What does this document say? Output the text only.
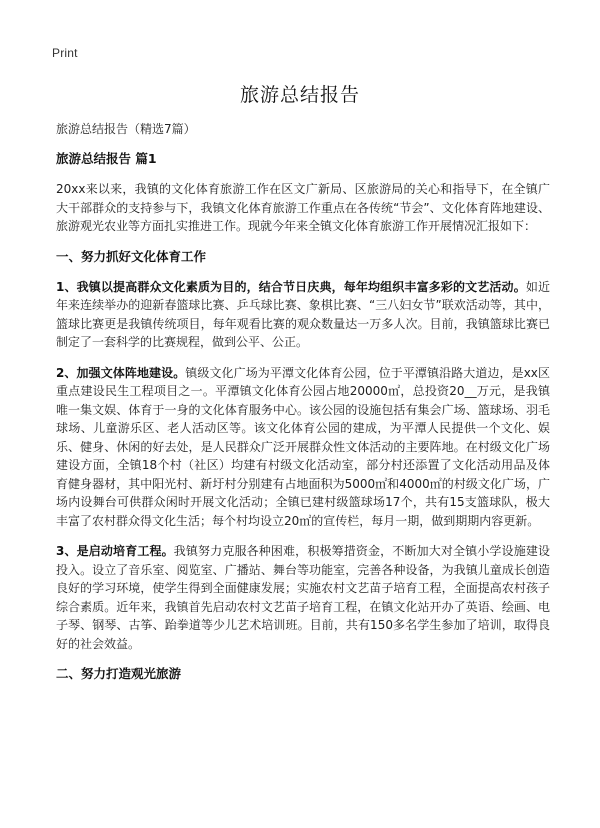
Print
旅游总结报告
旅游总结报告（精选7篇）
旅游总结报告 篇1
20xx来以来，我镇的文化体育旅游工作在区文广新局、区旅游局的关心和指导下，在全镇广大干部群众的支持参与下，我镇文化体育旅游工作重点在各传统“节会”、文化体育阵地建设、旅游观光农业等方面扎实推进工作。现就今年来全镇文化体育旅游工作开展情况汇报如下：
一、努力抓好文化体育工作
1、我镇以提高群众文化素质为目的，结合节日庆典，每年均组织丰富多彩的文艺活动。如近年来连续举办的迎新春篮球比赛、乒乓球比赛、象棋比赛、“三八妇女节”联欢活动等，其中，篮球比赛更是我镇传统项目，每年观看比赛的观众数量达一万多人次。目前，我镇篮球比赛已制定了一套科学的比赛规程，做到公平、公正。
2、加强文体阵地建设。镇级文化广场为平潭文化体育公园，位于平潭镇沿路大道边，是xx区重点建设民生工程项目之一。平潭镇文化体育公园占地20000㎡，总投资20__万元，是我镇唯一集文娱、体育于一身的文化体育服务中心。该公园的设施包括有集会广场、篮球场、羽毛球场、儿童游乐区、老人活动区等。该文化体育公园的建成，为平潭人民提供一个文化、娱乐、健身、休闲的好去处，是人民群众广泛开展群众性文体活动的主要阵地。在村级文化广场建设方面，全镇18个村（社区）均建有村级文化活动室，部分村还添置了文化活动用品及体育健身器材，其中阳光村、新圩村分别建有占地面积为5000㎡和4000㎡的村级文化广场，广场内设舞台可供群众闲时开展文化活动；全镇已建村级篮球场17个，共有15支篮球队，极大丰富了农村群众得文化生活；每个村均设立20㎡的宣传栏，每月一期，做到期期内容更新。
3、是启动培育工程。我镇努力克服各种困难，积极筹措资金，不断加大对全镇小学设施建设投入。设立了音乐室、阅览室、广播站、舞台等功能室，完善各种设备，为我镇儿童成长创造良好的学习环境，使学生得到全面健康发展；实施农村文艺苗子培育工程，全面提高农村孩子综合素质。近年来，我镇首先启动农村文艺苗子培育工程，在镇文化站开办了英语、绘画、电子琴、钢琴、古筝、跆拳道等少儿艺术培训班。目前，共有150多名学生参加了培训，取得良好的社会效益。
二、努力打造观光旅游
